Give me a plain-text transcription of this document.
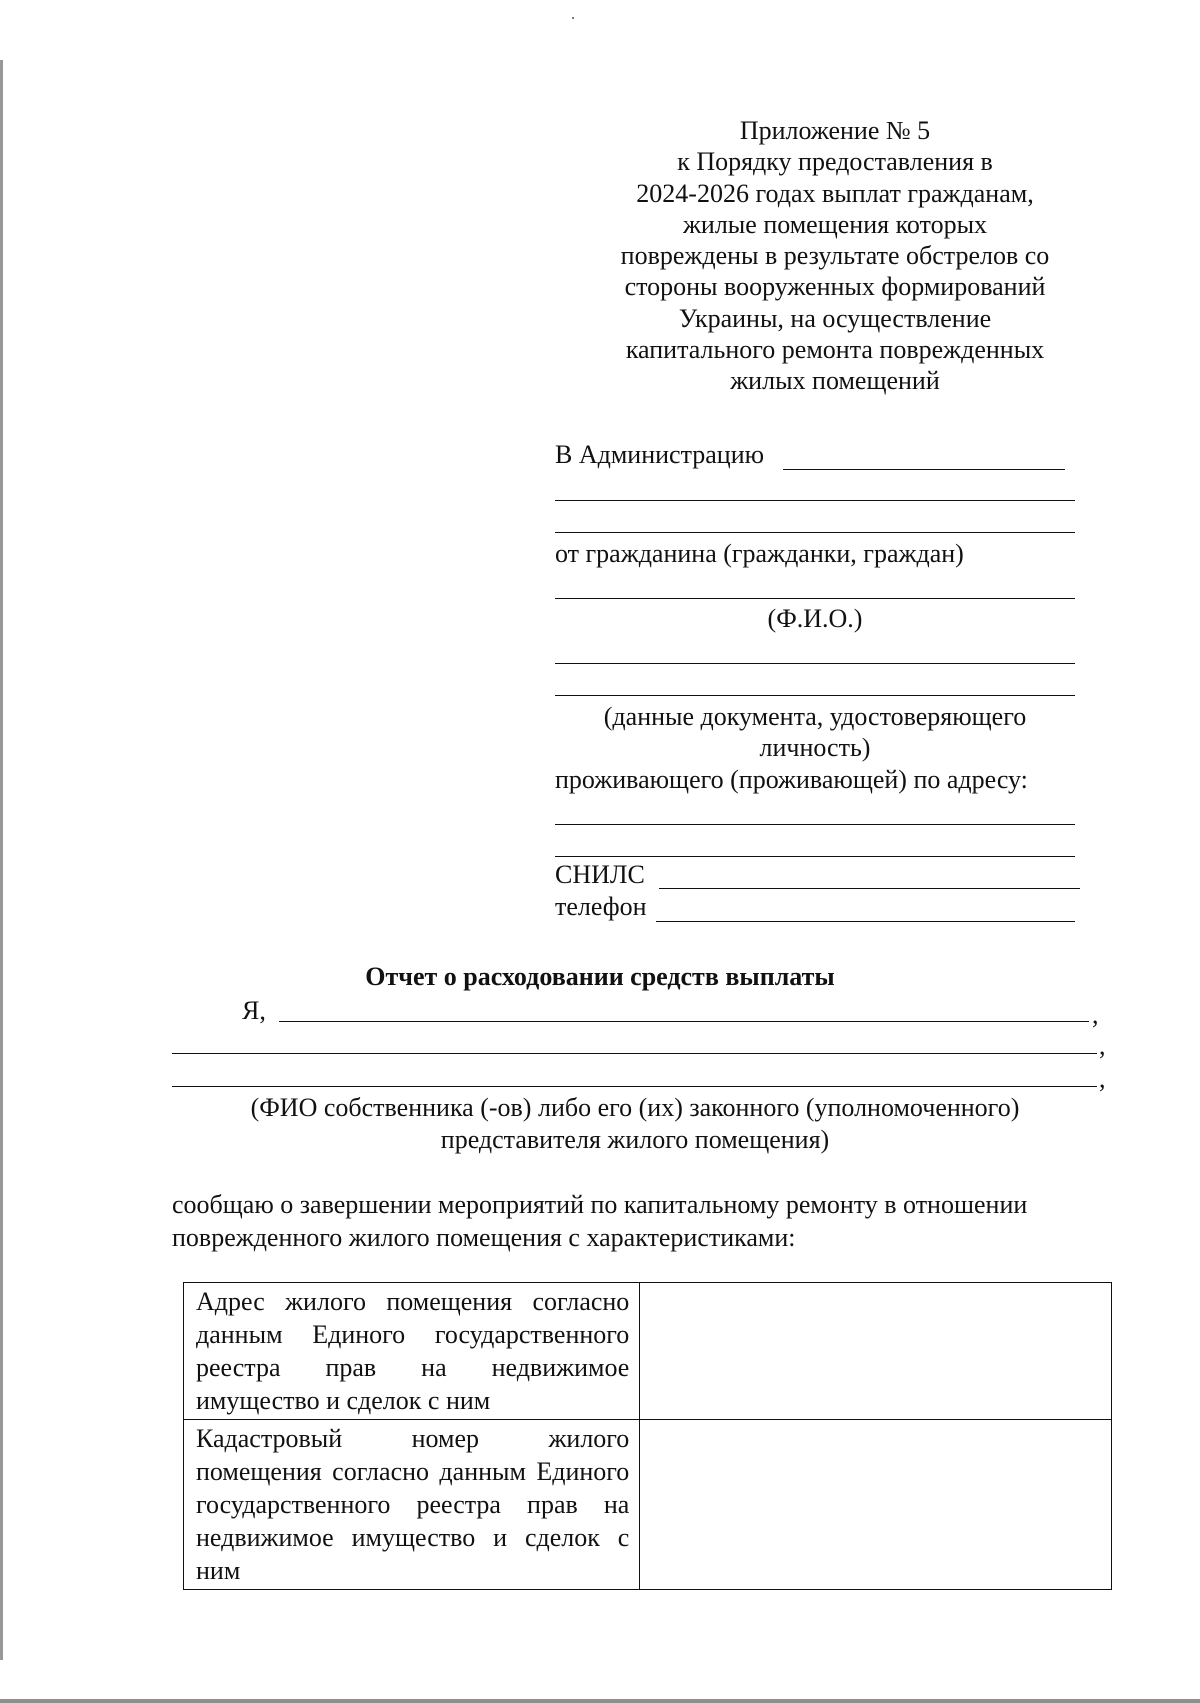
Приложение № 5
к Порядку предоставления в
2024-2026 годах выплат гражданам,
жилые помещения которых
повреждены в результате обстрелов со
стороны вооруженных формирований
Украины, на осуществление
капитального ремонта поврежденных
жилых помещений
В Администрацию
от гражданина (гражданки, граждан)
(Ф.И.О.)
(данные документа, удостоверяющего
личность)
проживающего (проживающей) по адресу:
СНИЛС
телефон
Отчет о расходовании средств выплаты
Я,	,
,
,
(ФИО собственника (-ов) либо его (их) законного (уполномоченного)
представителя жилого помещения)
сообщаю о завершении мероприятий по капитальному ремонту в отношении
поврежденного жилого помещения с характеристиками:
Адрес жилого помещения согласно данным Единого государственного реестра прав на недвижимое имущество и сделок с ним	
Кадастровый номер жилого помещения согласно данным Единого государственного реестра прав на недвижимое имущество и сделок с ним	
